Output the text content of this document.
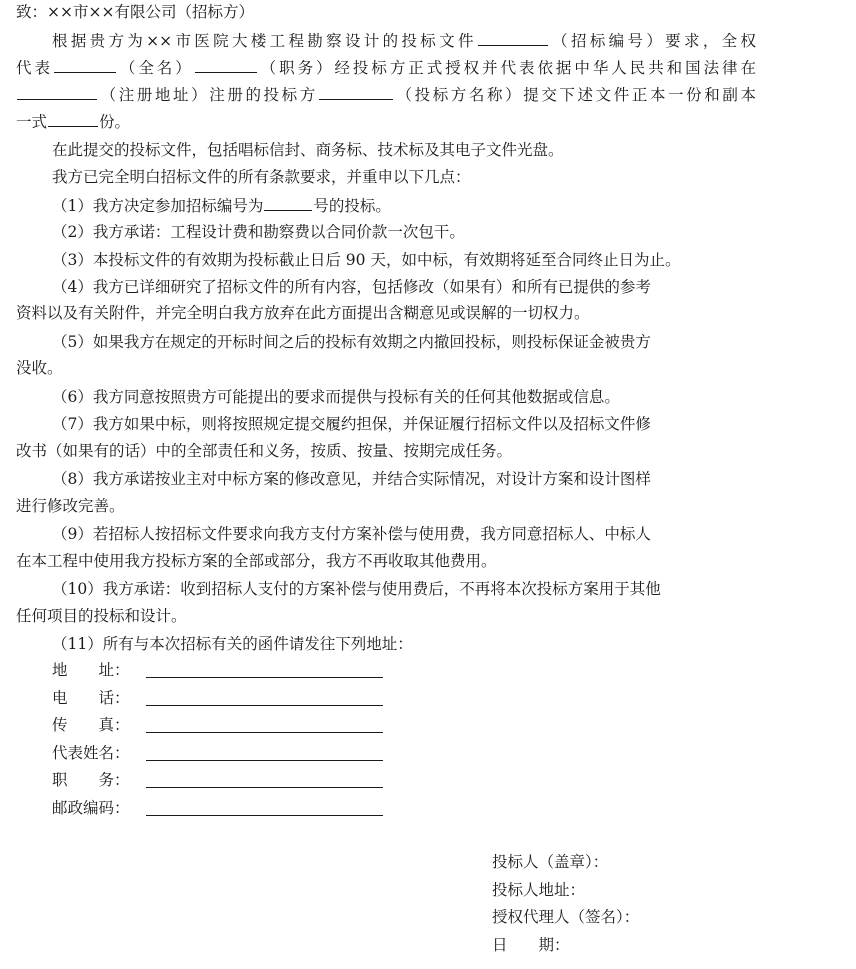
致：××市××有限公司（招标方）
根据贵方为××市医院大楼工程勘察设计的投标文件	（招标编号）要求，全权
代表	（全名）	（职务）经投标方正式授权并代表依据中华人民共和国法律在
（注册地址）注册的投标方	（投标方名称）提交下述文件正本一份和副本
一式	份。
在此提交的投标文件，包括唱标信封、商务标、技术标及其电子文件光盘。
我方已完全明白招标文件的所有条款要求，并重申以下几点：
（1）我方决定参加招标编号为	号的投标。
（2）我方承诺：工程设计费和勘察费以合同价款一次包干。
（3）本投标文件的有效期为投标截止日后 90 天，如中标，有效期将延至合同终止日为止。
（4）我方已详细研究了招标文件的所有内容，包括修改（如果有）和所有已提供的参考
资料以及有关附件，并完全明白我方放弃在此方面提出含糊意见或误解的一切权力。
（5）如果我方在规定的开标时间之后的投标有效期之内撤回投标，则投标保证金被贵方
没收。
（6）我方同意按照贵方可能提出的要求而提供与投标有关的任何其他数据或信息。
（7）我方如果中标，则将按照规定提交履约担保，并保证履行招标文件以及招标文件修
改书（如果有的话）中的全部责任和义务，按质、按量、按期完成任务。
（8）我方承诺按业主对中标方案的修改意见，并结合实际情况，对设计方案和设计图样
进行修改完善。
（9）若招标人按招标文件要求向我方支付方案补偿与使用费，我方同意招标人、中标人
在本工程中使用我方投标方案的全部或部分，我方不再收取其他费用。
（10）我方承诺：收到招标人支付的方案补偿与使用费后，不再将本次投标方案用于其他
任何项目的投标和设计。
（11）所有与本次招标有关的函件请发往下列地址：
地　　址：
电　　话：
传　　真：
代表姓名：
职　　务：
邮政编码：
投标人（盖章）：
投标人地址：
授权代理人（签名）：
日　　期：
